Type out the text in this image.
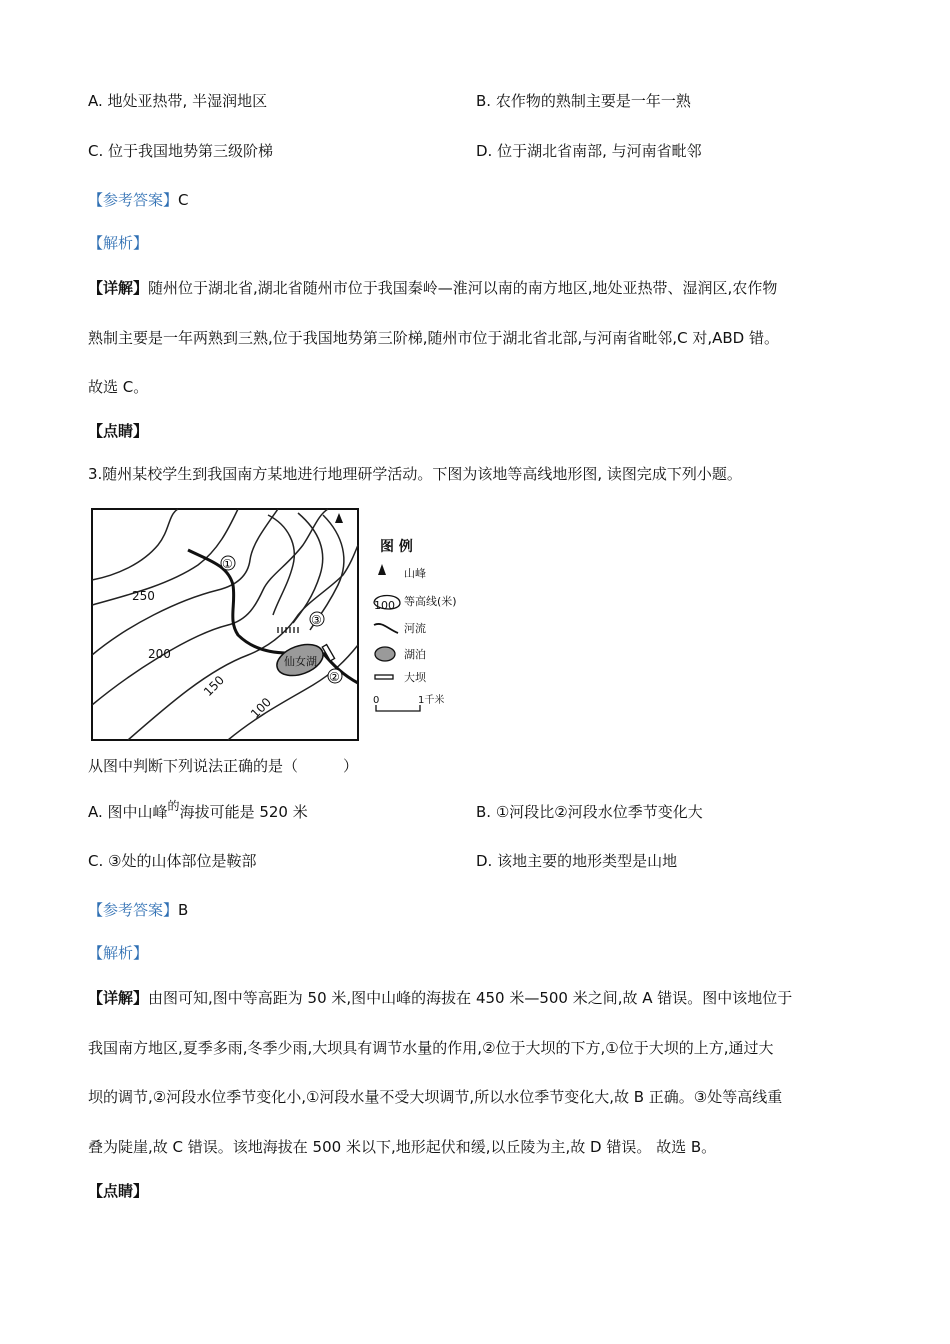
A. 地处亚热带, 半湿润地区	B. 农作物的熟制主要是一年一熟
C. 位于我国地势第三级阶梯	D. 位于湖北省南部, 与河南省毗邻
【参考答案】C
【解析】
【详解】随州位于湖北省,湖北省随州市位于我国秦岭—淮河以南的南方地区,地处亚热带、湿润区,农作物
熟制主要是一年两熟到三熟,位于我国地势第三阶梯,随州市位于湖北省北部,与河南省毗邻,C 对,ABD 错。
故选 C。
【点睛】
3.随州某校学生到我国南方某地进行地理研学活动。下图为该地等高线地形图, 读图完成下列小题。
仙女湖
①
③
②
250
200
150
100
图 例
山峰
100 等高线(米)
河流
湖泊
大坝
0	1千米
从图中判断下列说法正确的是（　　　）
A. 图中山峰$^的$海拔可能是 520 米	B. ①河段比②河段水位季节变化大
C. ③处的山体部位是鞍部	D. 该地主要的地形类型是山地
【参考答案】B
【解析】
【详解】由图可知,图中等高距为 50 米,图中山峰的海拔在 450 米—500 米之间,故 A 错误。图中该地位于
我国南方地区,夏季多雨,冬季少雨,大坝具有调节水量的作用,②位于大坝的下方,①位于大坝的上方,通过大
坝的调节,②河段水位季节变化小,①河段水量不受大坝调节,所以水位季节变化大,故 B 正确。③处等高线重
叠为陡崖,故 C 错误。该地海拔在 500 米以下,地形起伏和缓,以丘陵为主,故 D 错误。 故选 B。
【点睛】
